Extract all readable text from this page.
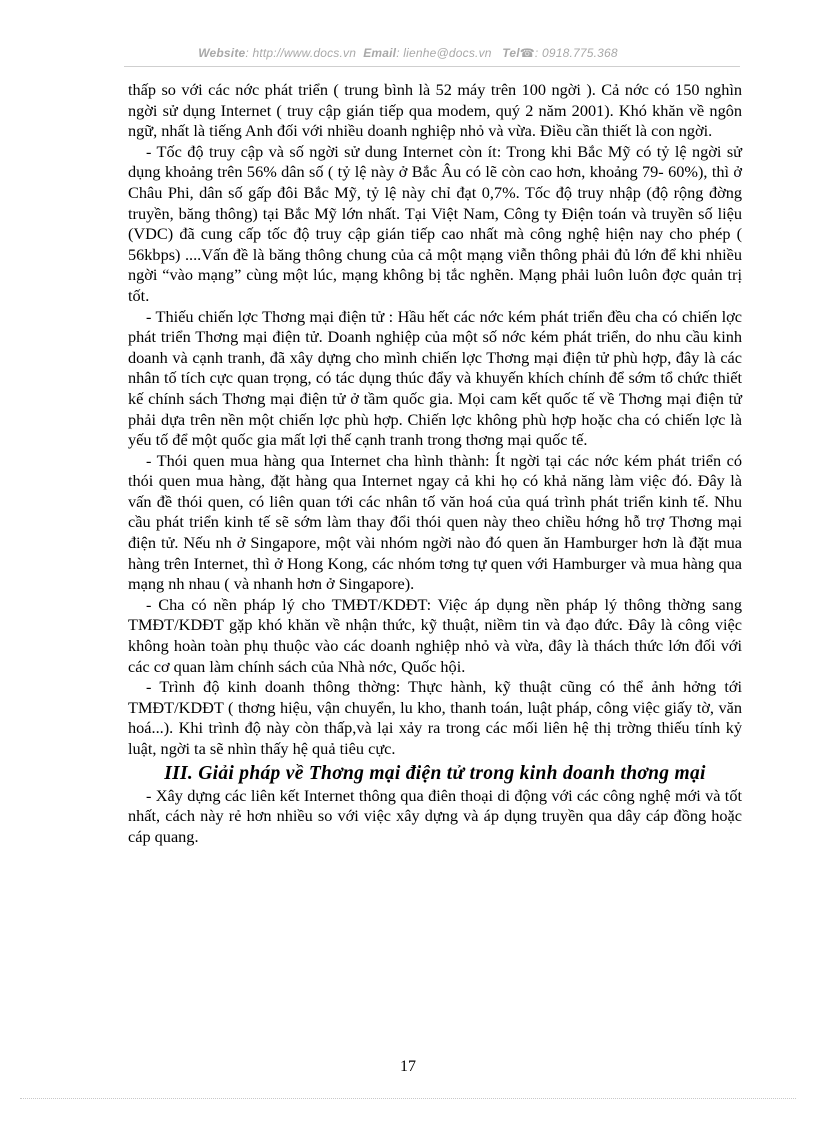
Website: http://www.docs.vn Email: lienhe@docs.vn Tel☎: 0918.775.368

thấp so với các nớc phát triển ( trung bình là 52 máy trên 100 ngời ). Cả nớc có 150 nghìn ngời sử dụng Internet ( truy cập gián tiếp qua modem, quý 2 năm 2001). Khó khăn về ngôn ngữ, nhất là tiếng Anh đối với nhiều doanh nghiệp nhỏ và vừa. Điều cần thiết là con ngời.

- Tốc độ truy cập và số ngời sử dung Internet còn ít: Trong khi Bắc Mỹ có tỷ lệ ngời sử dụng khoảng trên 56% dân số ( tỷ lệ này ở Bắc Âu có lẽ còn cao hơn, khoảng 79- 60%), thì ở Châu Phi, dân số gấp đôi Bắc Mỹ, tỷ lệ này chỉ đạt 0,7%. Tốc độ truy nhập (độ rộng đờng truyền, băng thông) tại Bắc Mỹ lớn nhất. Tại Việt Nam, Công ty Điện toán và truyền số liệu (VDC) đã cung cấp tốc độ truy cập gián tiếp cao nhất mà công nghệ hiện nay cho phép ( 56kbps) ....Vấn đề là băng thông chung của cả một mạng viễn thông phải đủ lớn để khi nhiều ngời “vào mạng” cùng một lúc, mạng không bị tắc nghẽn. Mạng phải luôn luôn đợc quản trị tốt.

- Thiếu chiến lợc Thơng mại điện tử : Hầu hết các nớc kém phát triển đều cha có chiến lợc phát triển Thơng mại điện tử. Doanh nghiệp của một số nớc kém phát triển, do nhu cầu kinh doanh và cạnh tranh, đã xây dựng cho mình chiến lợc Thơng mại điện tử phù hợp, đây là các nhân tố tích cực quan trọng, có tác dụng thúc đẩy và khuyến khích chính để sớm tổ chức thiết kế chính sách Thơng mại điện tử ở tầm quốc gia. Mọi cam kết quốc tế về Thơng mại điện tử phải dựa trên nền một chiến lợc phù hợp. Chiến lợc không phù hợp hoặc cha có chiến lợc là yếu tố để một quốc gia mất lợi thế cạnh tranh trong thơng mại quốc tế.

- Thói quen mua hàng qua Internet cha hình thành: Ít ngời tại các nớc kém phát triển có thói quen mua hàng, đặt hàng qua Internet ngay cả khi họ có khả năng làm việc đó. Đây là vấn đề thói quen, có liên quan tới các nhân tố văn hoá của quá trình phát triển kinh tế. Nhu cầu phát triển kinh tế sẽ sớm làm thay đổi thói quen này theo chiều hớng hỗ trợ Thơng mại điện tử. Nếu nh ở Singapore, một vài nhóm ngời nào đó quen ăn Hamburger hơn là đặt mua hàng trên Internet, thì ở Hong Kong, các nhóm tơng tự quen với Hamburger và mua hàng qua mạng nh nhau ( và nhanh hơn ở Singapore).

- Cha có nền pháp lý cho TMĐT/KDĐT: Việc áp dụng nền pháp lý thông thờng sang TMĐT/KDĐT gặp khó khăn về nhận thức, kỹ thuật, niềm tin và đạo đức. Đây là công việc không hoàn toàn phụ thuộc vào các doanh nghiệp nhỏ và vừa, đây là thách thức lớn đối với các cơ quan làm chính sách của Nhà nớc, Quốc hội.

- Trình độ kinh doanh thông thờng: Thực hành, kỹ thuật cũng có thể ảnh hởng tới TMĐT/KDĐT ( thơng hiệu, vận chuyển, lu kho, thanh toán, luật pháp, công việc giấy tờ, văn hoá...). Khi trình độ này còn thấp,và lại xảy ra trong các mối liên hệ thị trờng thiếu tính kỷ luật, ngời ta sẽ nhìn thấy hệ quả tiêu cực.

III. Giải pháp về Thơng mại điện tử trong kinh doanh thơng mại

- Xây dựng các liên kết Internet thông qua điên thoại di động với các công nghệ mới và tốt nhất, cách này rẻ hơn nhiều so với việc xây dựng và áp dụng truyền qua dây cáp đồng hoặc cáp quang.

17
